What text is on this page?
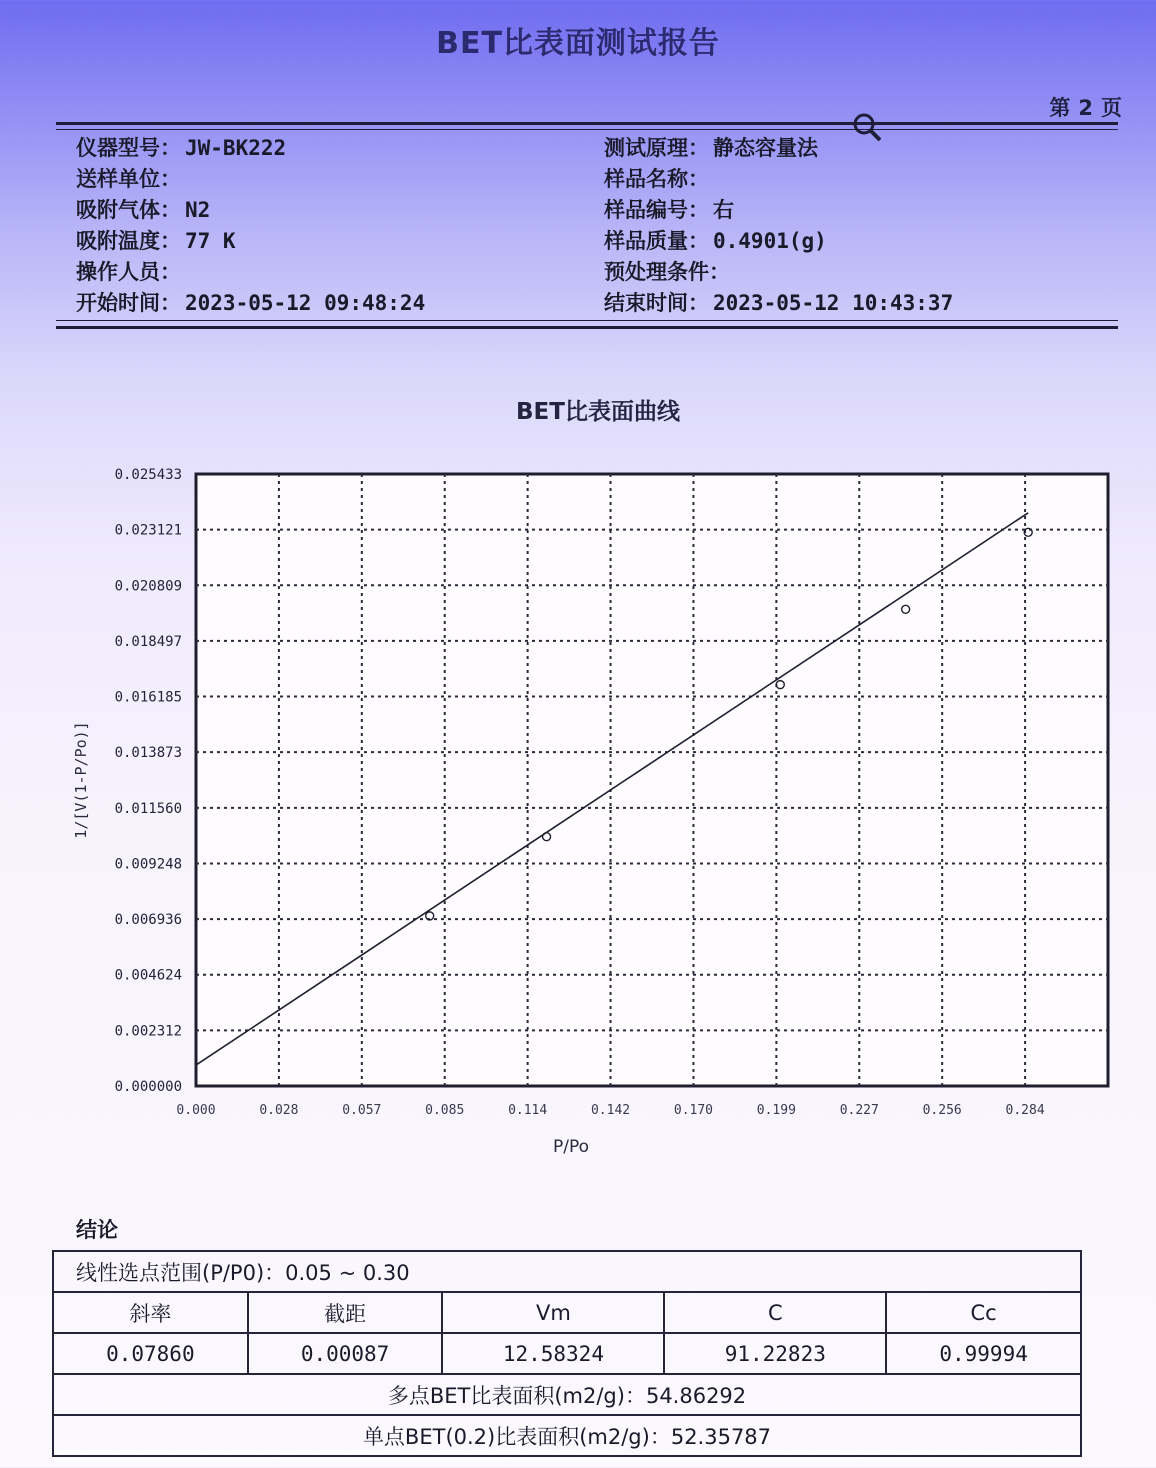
BET比表面测试报告
第 2 页
仪器型号： JW-BK222	测试原理： 静态容量法
送样单位：	样品名称：
吸附气体： N2	样品编号： 右
吸附温度： 77 K	样品质量： 0.4901(g)
操作人员：	预处理条件：
开始时间： 2023-05-12 09:48:24	结束时间： 2023-05-12 10:43:37
BET比表面曲线
0.000	0.028	0.057	0.085	0.114	0.142	0.170	0.199	0.227	0.256	0.284
0.000000
0.002312
0.004624
0.006936
0.009248
0.011560
0.013873
0.016185
0.018497
0.020809
0.023121
0.025433
P/Po
1/[V(1-P/Po)]
结论
线性选点范围(P/P0)：0.05 ~ 0.30				
斜率	截距	Vm	C	Cc
0.07860	0.00087	12.58324	91.22823	0.99994
多点BET比表面积(m2/g)：54.86292				
单点BET(0.2)比表面积(m2/g)：52.35787				
